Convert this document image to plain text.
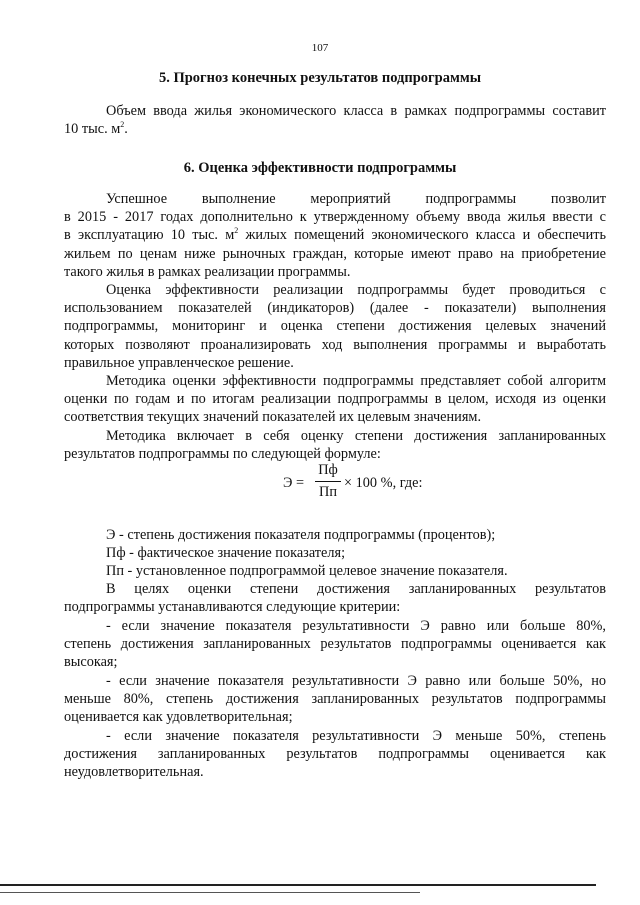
107
5. Прогноз конечных результатов подпрограммы
Объем ввода жилья экономического класса в рамках подпрограммы составит
10 тыс. $м^2$.
6. Оценка эффективности подпрограммы
Успешное выполнение мероприятий подпрограммы позволит
в 2015 - 2017 годах дополнительно к утвержденному объему ввода жилья ввести с
в эксплуатацию 10 тыс. $м^2$ жилых помещений экономического класса и обеспечить
жильем по ценам ниже рыночных граждан, которые имеют право на приобретение
такого жилья в рамках реализации программы.
Оценка эффективности реализации подпрограммы будет проводиться с
использованием показателей (индикаторов) (далее - показатели) выполнения
подпрограммы, мониторинг и оценка степени достижения целевых значений
которых позволяют проанализировать ход выполнения программы и выработать
правильное управленческое решение.
Методика оценки эффективности подпрограммы представляет собой алгоритм
оценки по годам и по итогам реализации подпрограммы в целом, исходя из оценки
соответствия текущих значений показателей их целевым значениям.
Методика включает в себя оценку степени достижения запланированных
результатов подпрограммы по следующей формуле:
Э =
Пф
Пп
× 100 %, где:
Э - степень достижения показателя подпрограммы (процентов);
Пф - фактическое значение показателя;
Пп - установленное подпрограммой целевое значение показателя.
В целях оценки степени достижения запланированных результатов
подпрограммы устанавливаются следующие критерии:
- если значение показателя результативности Э равно или больше 80%,
степень достижения запланированных результатов подпрограммы оценивается как
высокая;
- если значение показателя результативности Э равно или больше 50%, но
меньше 80%, степень достижения запланированных результатов подпрограммы
оценивается как удовлетворительная;
- если значение показателя результативности Э меньше 50%, степень
достижения запланированных результатов подпрограммы оценивается как
неудовлетворительная.
